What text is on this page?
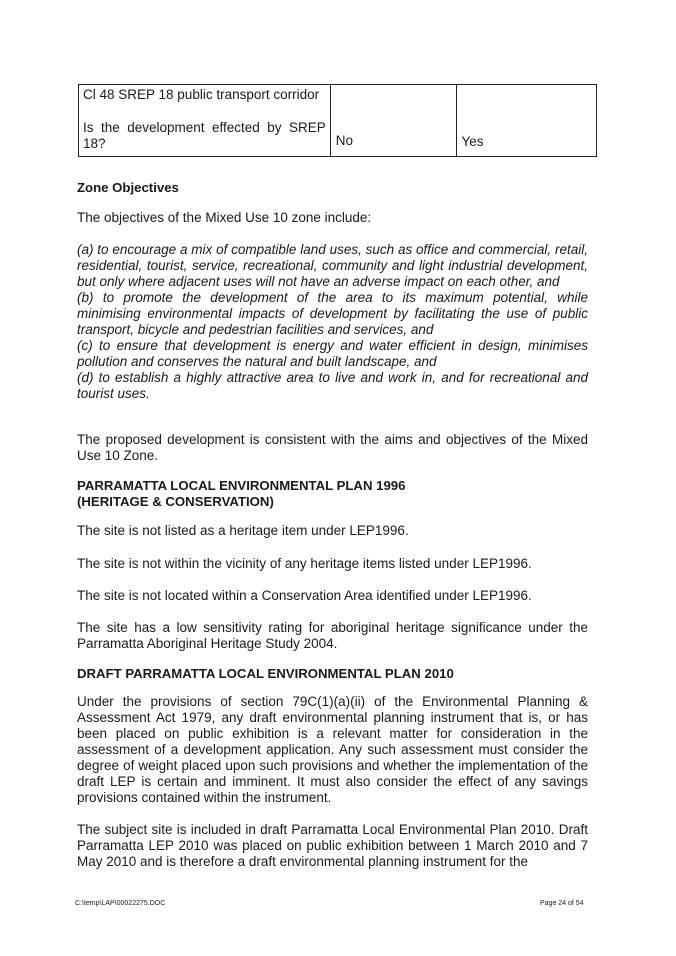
Cl 48 SREP 18 public transport corridor
Is the development effected by SREP 18?	No	Yes
Zone Objectives
The objectives of the Mixed Use 10 zone include:

(a) to encourage a mix of compatible land uses, such as office and commercial, retail, residential, tourist, service, recreational, community and light industrial development, but only where adjacent uses will not have an adverse impact on each other, and

(b) to promote the development of the area to its maximum potential, while minimising environmental impacts of development by facilitating the use of public transport, bicycle and pedestrian facilities and services, and

(c) to ensure that development is energy and water efficient in design, minimises pollution and conserves the natural and built landscape, and

(d) to establish a highly attractive area to live and work in, and for recreational and tourist uses.

The proposed development is consistent with the aims and objectives of the Mixed Use 10 Zone.
PARRAMATTA LOCAL ENVIRONMENTAL PLAN 1996
(HERITAGE & CONSERVATION)
The site is not listed as a heritage item under LEP1996.
The site is not within the vicinity of any heritage items listed under LEP1996.
The site is not located within a Conservation Area identified under LEP1996.
The site has a low sensitivity rating for aboriginal heritage significance under the Parramatta Aboriginal Heritage Study 2004.
DRAFT PARRAMATTA LOCAL ENVIRONMENTAL PLAN 2010
Under the provisions of section 79C(1)(a)(ii) of the Environmental Planning & Assessment Act 1979, any draft environmental planning instrument that is, or has been placed on public exhibition is a relevant matter for consideration in the assessment of a development application. Any such assessment must consider the degree of weight placed upon such provisions and whether the implementation of the draft LEP is certain and imminent. It must also consider the effect of any savings provisions contained within the instrument.
The subject site is included in draft Parramatta Local Environmental Plan 2010. Draft Parramatta LEP 2010 was placed on public exhibition between 1 March 2010 and 7 May 2010 and is therefore a draft environmental planning instrument for the
C:\temp\LAP\00022275.DOC	Page 24 of 54
